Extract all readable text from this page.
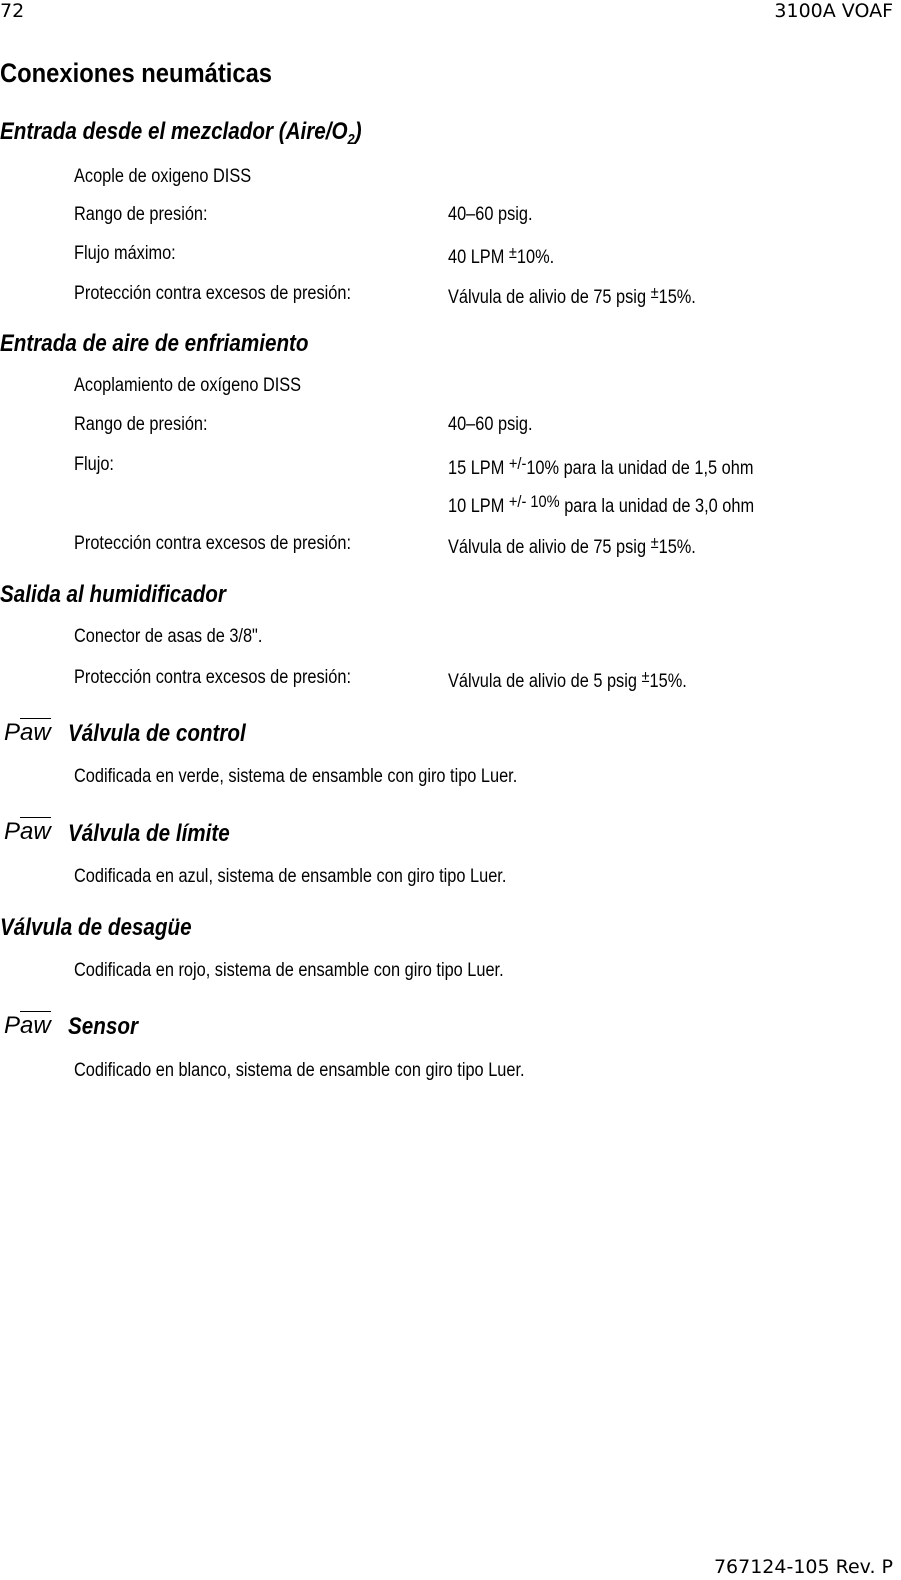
72	3100A VOAF
Conexiones neumáticas
Entrada desde el mezclador $(Aire/O_2)$
Acople de oxigeno DISS
Rango de presión:	40–60 psig.
Flujo máximo:	40 LPM ±10%.
Protección contra excesos de presión:	Válvula de alivio de 75 psig ±15%.
Entrada de aire de enfriamiento
Acoplamiento de oxígeno DISS
Rango de presión:	40–60 psig.
Flujo:	15 LPM +/-10% para la unidad de 1,5 ohm
10 LPM $^{+/- 10\%}$ para la unidad de 3,0 ohm
Protección contra excesos de presión:	Válvula de alivio de 75 psig ±15%.
Salida al humidificador
Conector de asas de 3/8".
Protección contra excesos de presión:	Válvula de alivio de 5 psig ±15%.
Paw Válvula de control
Codificada en verde, sistema de ensamble con giro tipo Luer.
Paw Válvula de límite
Codificada en azul, sistema de ensamble con giro tipo Luer.
Válvula de desagüe
Codificada en rojo, sistema de ensamble con giro tipo Luer.
Paw Sensor
Codificado en blanco, sistema de ensamble con giro tipo Luer.
767124-105 Rev. P
